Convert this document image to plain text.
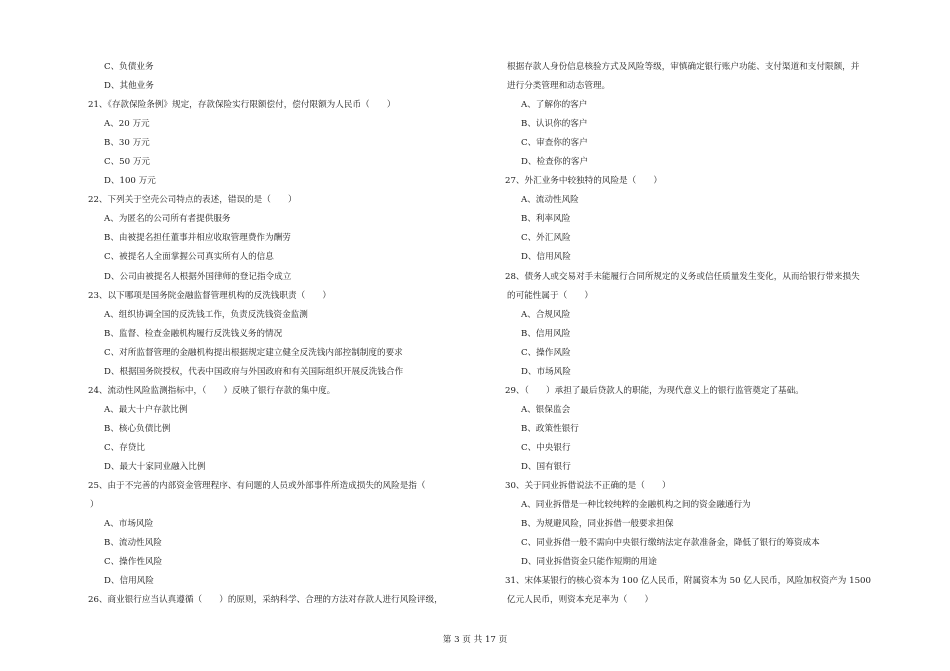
C、负债业务
D、其他业务
21、《存款保险条例》规定，存款保险实行限额偿付，偿付限额为人民币（　　）
A、20 万元
B、30 万元
C、50 万元
D、100 万元
22、下列关于空壳公司特点的表述，错误的是（　　）
A、为匿名的公司所有者提供服务
B、由被提名担任董事并相应收取管理费作为酬劳
C、被提名人全面掌握公司真实所有人的信息
D、公司由被提名人根据外国律师的登记指令成立
23、以下哪项是国务院金融监督管理机构的反洗钱职责（　　）
A、组织协调全国的反洗钱工作，负责反洗钱资金监测
B、监督、检查金融机构履行反洗钱义务的情况
C、对所监督管理的金融机构提出根据规定建立健全反洗钱内部控制制度的要求
D、根据国务院授权，代表中国政府与外国政府和有关国际组织开展反洗钱合作
24、流动性风险监测指标中，（　　）反映了银行存款的集中度。
A、最大十户存款比例
B、核心负债比例
C、存贷比
D、最大十家同业融入比例
25、由于不完善的内部资金管理程序、有问题的人员或外部事件所造成损失的风险是指（
）
A、市场风险
B、流动性风险
C、操作性风险
D、信用风险
26、商业银行应当认真遵循（　　）的原则，采纳科学、合理的方法对存款人进行风险评级，
根据存款人身份信息核验方式及风险等级，审慎确定银行账户功能、支付渠道和支付限额，并
进行分类管理和动态管理。
A、了解你的客户
B、认识你的客户
C、审查你的客户
D、检查你的客户
27、外汇业务中较独特的风险是（　　）
A、流动性风险
B、利率风险
C、外汇风险
D、信用风险
28、债务人或交易对手未能履行合同所规定的义务或信任质量发生变化，从而给银行带来损失
的可能性属于（　　）
A、合规风险
B、信用风险
C、操作风险
D、市场风险
29、（　　）承担了最后贷款人的职能，为现代意义上的银行监管奠定了基础。
A、银保监会
B、政策性银行
C、中央银行
D、国有银行
30、关于同业拆借说法不正确的是（　　）
A、同业拆借是一种比较纯粹的金融机构之间的资金融通行为
B、为规避风险，同业拆借一般要求担保
C、同业拆借一般不需向中央银行缴纳法定存款准备金，降低了银行的筹资成本
D、同业拆借资金只能作短期的用途
31、宋体某银行的核心资本为 100 亿人民币，附属资本为 50 亿人民币，风险加权资产为 1500
亿元人民币，则资本充足率为（　　）
第 3 页 共 17 页
